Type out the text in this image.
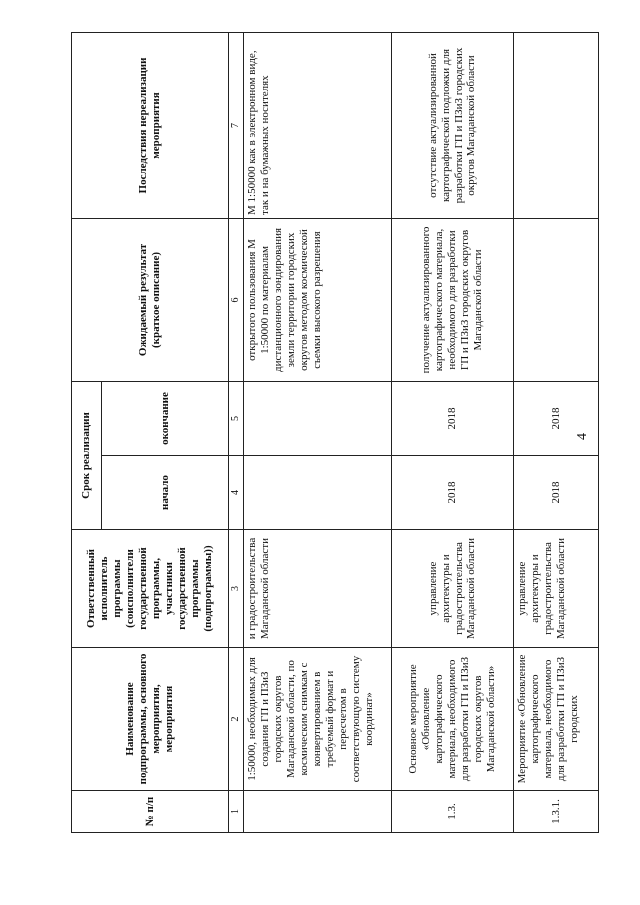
4
№ п/п	Наименование подпрограммы, основного мероприятия, мероприятия	Ответственный исполнитель программы (соисполнители государственной программы, участники государственной программы (подпрограммы))	Срок реализации		Ожидаемый результат (краткое описание)	Последствия нереализации мероприятия
			начало	окончание		
1	2	3	4	5	6	7
	1:50000, необходимых для создания ГП и ПЗиЗ городских округов Магаданской области, по космическим снимкам с конвертированием в требуемый формат и пересчетом в соответствующую систему координат»	и градостроительства Магаданской области			открытого пользования М 1:50000 по материалам дистанционного зондирования земли территории городских округов методом космической съемки высокого разрешения	М 1:50000 как в электронном виде, так и на бумажных носителях
1.3.	Основное мероприятие «Обновление картографического материала, необходимого для разработки ГП и ПЗиЗ городских округов Магаданской области»	управление архитектуры и градостроительства Магаданской области	2018	2018	получение актуализированного картографического материала, необходимого для разработки ГП и ПЗиЗ городских округов Магаданской области	отсутствие актуализированной картографической подложки для разработки ГП и ПЗиЗ городских округов Магаданской области
1.3.1.	Мероприятие «Обновление картографического материала, необходимого для разработки ГП и ПЗиЗ городских	управление архитектуры и градостроительства Магаданской области	2018	2018		
